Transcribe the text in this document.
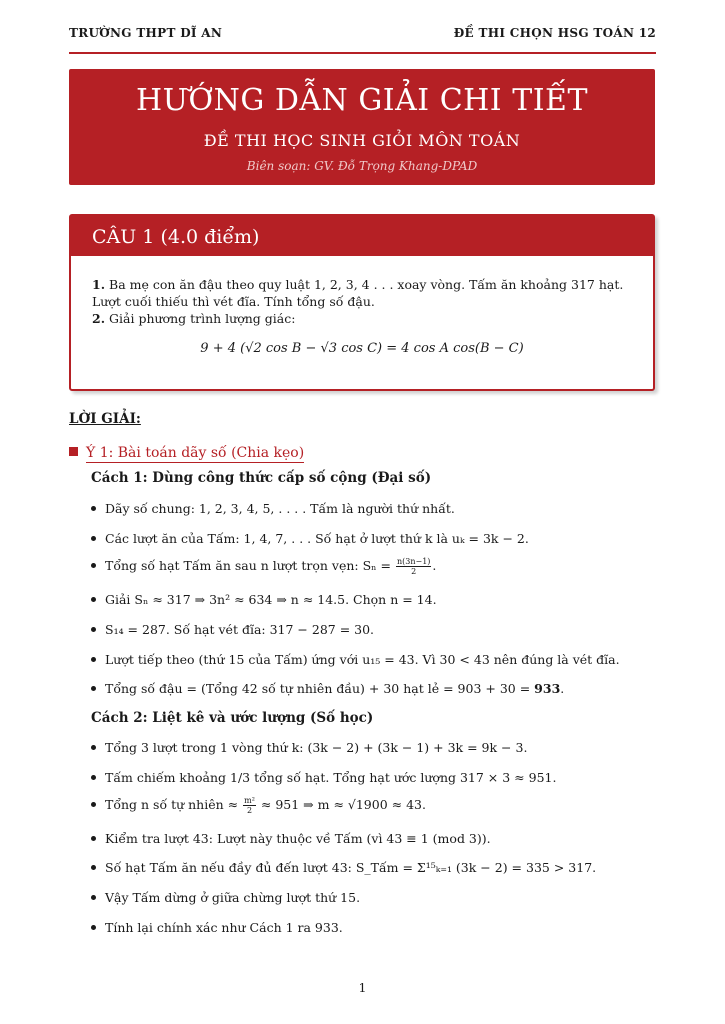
TRƯỜNG THPT DĨ AN	ĐỀ THI CHỌN HSG TOÁN 12
HƯỚNG DẪN GIẢI CHI TIẾT
ĐỀ THI HỌC SINH GIỎI MÔN TOÁN
Biên soạn: GV. Đỗ Trọng Khang-DPAD
CÂU 1 (4.0 điểm)
1. Ba mẹ con ăn đậu theo quy luật 1, 2, 3, 4 . . . xoay vòng. Tấm ăn khoảng 317 hạt.
Lượt cuối thiếu thì vét đĩa. Tính tổng số đậu.
2. Giải phương trình lượng giác:
9 + 4 (√2 cos B − √3 cos C) = 4 cos A cos(B − C)
LỜI GIẢI:
Ý 1: Bài toán dãy số (Chia kẹo)
Cách 1: Dùng công thức cấp số cộng (Đại số)
Dãy số chung: 1, 2, 3, 4, 5, . . . . Tấm là người thứ nhất.
Các lượt ăn của Tấm: 1, 4, 7, . . . Số hạt ở lượt thứ k là uₖ = 3k − 2.
Tổng số hạt Tấm ăn sau n lượt trọn vẹn: $S_n = \frac{n(3n-1)}{2}$ .
Giải Sₙ ≈ 317 ⇒ 3n² ≈ 634 ⇒ n ≈ 14.5. Chọn n = 14.
S₁₄ = 287. Số hạt vét đĩa: 317 − 287 = 30.
Lượt tiếp theo (thứ 15 của Tấm) ứng với u₁₅ = 43. Vì 30 < 43 nên đúng là vét đĩa.
Tổng số đậu = (Tổng 42 số tự nhiên đầu) + 30 hạt lẻ = 903 + 30 = 933.
Cách 2: Liệt kê và ước lượng (Số học)
Tổng 3 lượt trong 1 vòng thứ k: (3k − 2) + (3k − 1) + 3k = 9k − 3.
Tấm chiếm khoảng 1/3 tổng số hạt. Tổng hạt ước lượng 317 × 3 ≈ 951.
Tổng n số tự nhiên ≈ $\frac{\text{m²}}{2} \approx 951$ ⇒ m ≈ √1900 ≈ 43.
Kiểm tra lượt 43: Lượt này thuộc về Tấm (vì 43 ≡ 1 (mod 3)).
Số hạt Tấm ăn nếu đầy đủ đến lượt 43: S_Tấm = Σ¹⁵ₖ₌₁ (3k − 2) = 335 > 317.
Vậy Tấm dừng ở giữa chừng lượt thứ 15.
Tính lại chính xác như Cách 1 ra 933.
1
